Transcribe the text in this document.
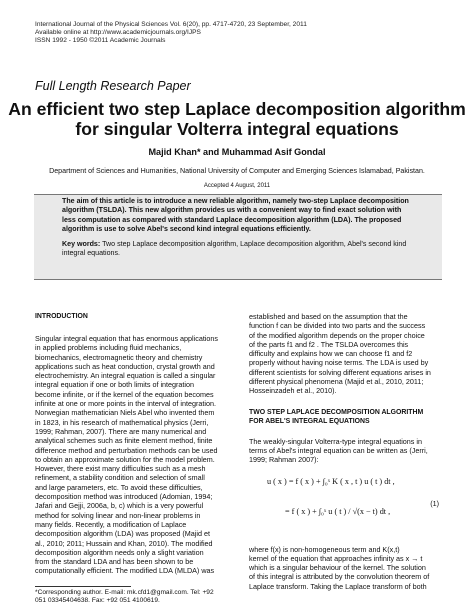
International Journal of the Physical Sciences Vol. 6(20), pp. 4717-4720, 23 September, 2011
Available online at http://www.academicjournals.org/IJPS
ISSN 1992 - 1950 ©2011 Academic Journals
Full Length Research Paper
An efficient two step Laplace decomposition algorithm
for singular Volterra integral equations
Majid Khan* and Muhammad Asif Gondal
Department of Sciences and Humanities, National University of Computer and Emerging Sciences Islamabad, Pakistan.
Accepted 4 August, 2011
The aim of this article is to introduce a new reliable algorithm, namely two-step Laplace decomposition
algorithm (TSLDA). This new algorithm provides us with a convenient way to find exact solution with
less computation as compared with standard Laplace decomposition algorithm (LDA). The proposed
algorithm is use to solve Abel's second kind integral equations efficiently.
Key words: Two step Laplace decomposition algorithm, Laplace decomposition algorithm, Abel's second kind
integral equations.
INTRODUCTION
Singular integral equation that has enormous applications
in applied problems including fluid mechanics,
biomechanics, electromagnetic theory and chemistry
applications such as heat conduction, crystal growth and
electrochemistry. An integral equation is called a singular
integral equation if one or both limits of integration
become infinite, or if the kernel of the equation becomes
infinite at one or more points in the interval of integration.
Norwegian mathematician Niels Abel who invented them
in 1823, in his research of mathematical physics (Jerri,
1999; Rahman, 2007). There are many numerical and
analytical schemes such as finite element method, finite
difference method and perturbation methods can be used
to obtain an approximate solution for the model problem.
However, there exist many difficulties such as a mesh
refinement, a stability condition and selection of small
and large parameters, etc. To avoid these difficulties,
decomposition method was introduced (Adomian, 1994;
Jafari and Gejji, 2006a, b, c) which is a very powerful
method for solving linear and non-linear problems in
many fields. Recently, a modification of Laplace
decomposition algorithm (LDA) was proposed (Majid et
al., 2010; 2011; Hussain and Khan, 2010). The modified
decomposition algorithm needs only a slight variation
from the standard LDA and has been shown to be
computationally efficient. The modified LDA (MLDA) was
established and based on the assumption that the
function f can be divided into two parts and the success
of the modified algorithm depends on the proper choice
of the parts f1 and f2 . The TSLDA overcomes this
difficulty and explains how we can choose f1 and f2
properly without having noise terms. The LDA is used by
different scientists for solving different equations arises in
different physical phenomena (Majid et al., 2010, 2011;
Hosseinzadeh et al., 2010).
TWO STEP LAPLACE DECOMPOSITION ALGORITHM
FOR ABEL'S INTEGRAL EQUATIONS
The weakly-singular Volterra-type integral equations in
terms of Abel's integral equation can be written as (Jerri,
1999; Rahman 2007):
u ( x ) = f ( x ) + ∫₀ˣ K ( x , t ) u ( t ) dt ,
= f ( x ) + ∫₀ˣ u ( t ) / √(x − t) dt ,
(1)
where f(x) is non-homogeneous term and K(x,t)
kernel of the equation that approaches infinity as x → t
which is a singular behaviour of the kernel. The solution
of this integral is attributed by the convolution theorem of
Laplace transform. Taking the Laplace transform of both
*Corresponding author. E-mail: mk.cfd1@gmail.com. Tel: +92
051 03345404638. Fax: +92 051 4100619.
